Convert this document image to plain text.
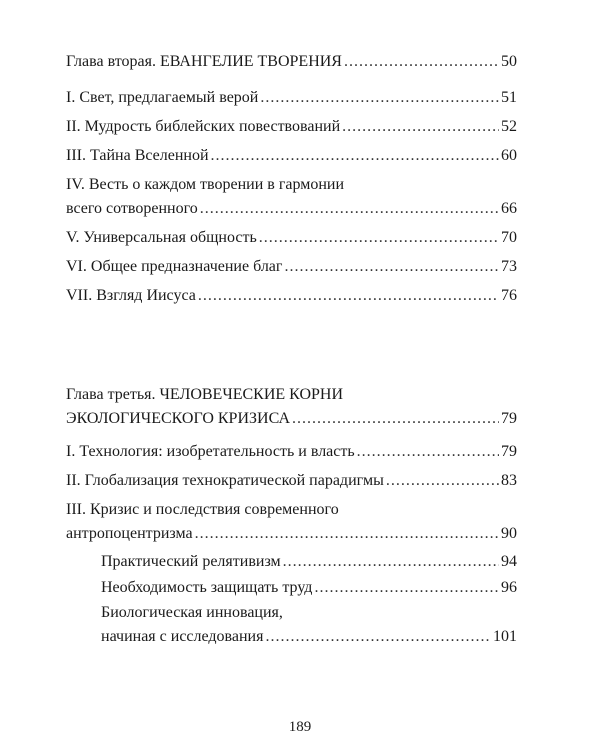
Глава вторая. ЕВАНГЕЛИЕ ТВОРЕНИЯ .....	50
I. Свет, предлагаемый верой .....	51
II. Мудрость библейских повествований .....	52
III. Тайна Вселенной .....	60
IV. Весть о каждом творении в гармонии
всего сотворенного .....	66
V. Универсальная общность .....	70
VI. Общее предназначение благ .....	73
VII. Взгляд Иисуса .....	76
Глава третья. ЧЕЛОВЕЧЕСКИЕ КОРНИ
ЭКОЛОГИЧЕСКОГО КРИЗИСА .....	79
I. Технология: изобретательность и власть .....	79
II. Глобализация технократической парадигмы .....	83
III. Кризис и последствия современного
антропоцентризма .....	90
Практический релятивизм .....	94
Необходимость защищать труд .....	96
Биологическая инновация,
начиная с исследования .....	101
189
